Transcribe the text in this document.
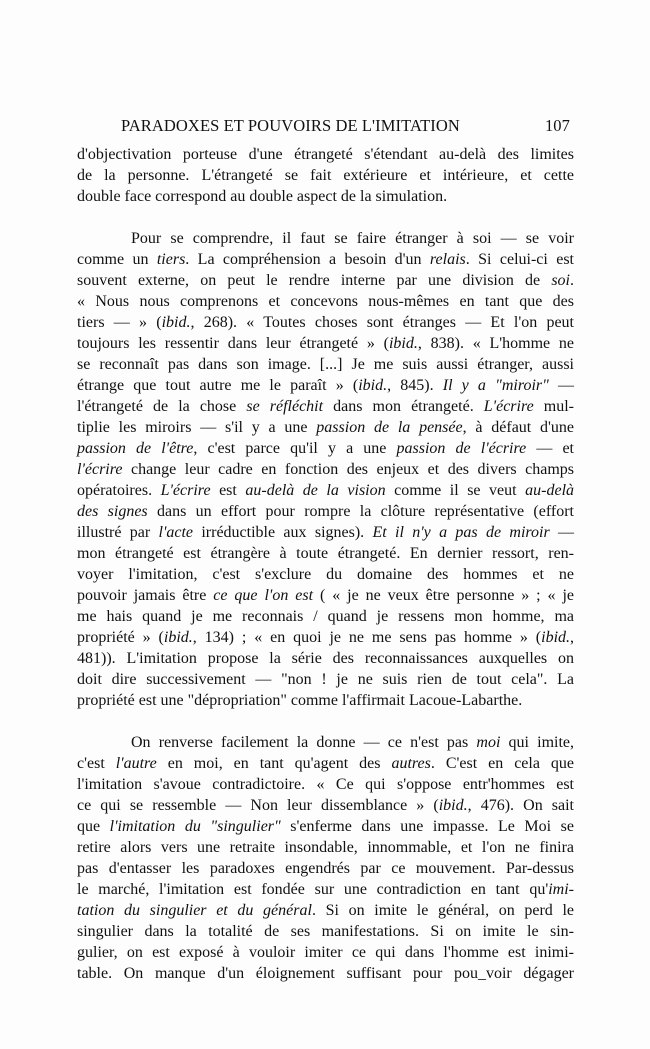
PARADOXES ET POUVOIRS DE L'IMITATION	107
d'objectivation porteuse d'une étrangeté s'étendant au-delà des limites
de la personne. L'étrangeté se fait extérieure et intérieure, et cette
double face correspond au double aspect de la simulation.
Pour se comprendre, il faut se faire étranger à soi — se voir
comme un tiers. La compréhension a besoin d'un relais. Si celui-ci est
souvent externe, on peut le rendre interne par une division de soi.
« Nous nous comprenons et concevons nous-mêmes en tant que des
tiers — » (ibid., 268). « Toutes choses sont étranges — Et l'on peut
toujours les ressentir dans leur étrangeté » (ibid., 838). « L'homme ne
se reconnaît pas dans son image. [...] Je me suis aussi étranger, aussi
étrange que tout autre me le paraît » (ibid., 845). Il y a "miroir" —
l'étrangeté de la chose se réfléchit dans mon étrangeté. L'écrire mul-
tiplie les miroirs — s'il y a une passion de la pensée, à défaut d'une
passion de l'être, c'est parce qu'il y a une passion de l'écrire — et
l'écrire change leur cadre en fonction des enjeux et des divers champs
opératoires. L'écrire est au-delà de la vision comme il se veut au-delà
des signes dans un effort pour rompre la clôture représentative (effort
illustré par l'acte irréductible aux signes). Et il n'y a pas de miroir —
mon étrangeté est étrangère à toute étrangeté. En dernier ressort, ren-
voyer l'imitation, c'est s'exclure du domaine des hommes et ne
pouvoir jamais être ce que l'on est ( « je ne veux être personne » ; « je
me hais quand je me reconnais / quand je ressens mon homme, ma
propriété » (ibid., 134) ; « en quoi je ne me sens pas homme » (ibid.,
481)). L'imitation propose la série des reconnaissances auxquelles on
doit dire successivement — "non ! je ne suis rien de tout cela". La
propriété est une "dépropriation" comme l'affirmait Lacoue-Labarthe.
On renverse facilement la donne — ce n'est pas moi qui imite,
c'est l'autre en moi, en tant qu'agent des autres. C'est en cela que
l'imitation s'avoue contradictoire. « Ce qui s'oppose entr'hommes est
ce qui se ressemble — Non leur dissemblance » (ibid., 476). On sait
que l'imitation du "singulier" s'enferme dans une impasse. Le Moi se
retire alors vers une retraite insondable, innommable, et l'on ne finira
pas d'entasser les paradoxes engendrés par ce mouvement. Par-dessus
le marché, l'imitation est fondée sur une contradiction en tant qu'imi-
tation du singulier et du général. Si on imite le général, on perd le
singulier dans la totalité de ses manifestations. Si on imite le sin-
gulier, on est exposé à vouloir imiter ce qui dans l'homme est inimi-
table. On manque d'un éloignement suffisant pour pou_voir dégager
